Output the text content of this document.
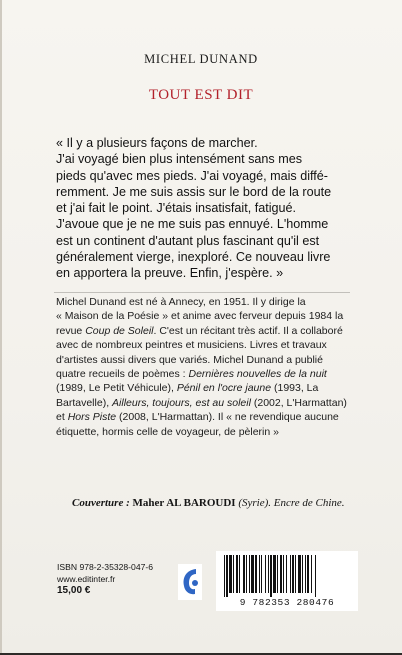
MICHEL DUNAND
TOUT EST DIT
« Il y a plusieurs façons de marcher.
J'ai voyagé bien plus intensément sans mes
pieds qu'avec mes pieds. J'ai voyagé, mais diffé-
remment. Je me suis assis sur le bord de la route
et j'ai fait le point. J'étais insatisfait, fatigué.
J'avoue que je ne me suis pas ennuyé. L'homme
est un continent d'autant plus fascinant qu'il est
généralement vierge, inexploré. Ce nouveau livre
en apportera la preuve. Enfin, j'espère. »
Michel Dunand est né à Annecy, en 1951. Il y dirige la
« Maison de la Poésie » et anime avec ferveur depuis 1984 la
revue Coup de Soleil. C'est un récitant très actif. Il a collaboré
avec de nombreux peintres et musiciens. Livres et travaux
d'artistes aussi divers que variés. Michel Dunand a publié
quatre recueils de poèmes : Dernières nouvelles de la nuit
(1989, Le Petit Véhicule), Pénil en l'ocre jaune (1993, La
Bartavelle), Ailleurs, toujours, est au soleil (2002, L'Harmattan)
et Hors Piste (2008, L'Harmattan). Il « ne revendique aucune
étiquette, hormis celle de voyageur, de pèlerin »
Couverture : Maher AL BAROUDI (Syrie). Encre de Chine.
ISBN 978-2-35328-047-6
www.editinter.fr
15,00 €
9 782353 280476
